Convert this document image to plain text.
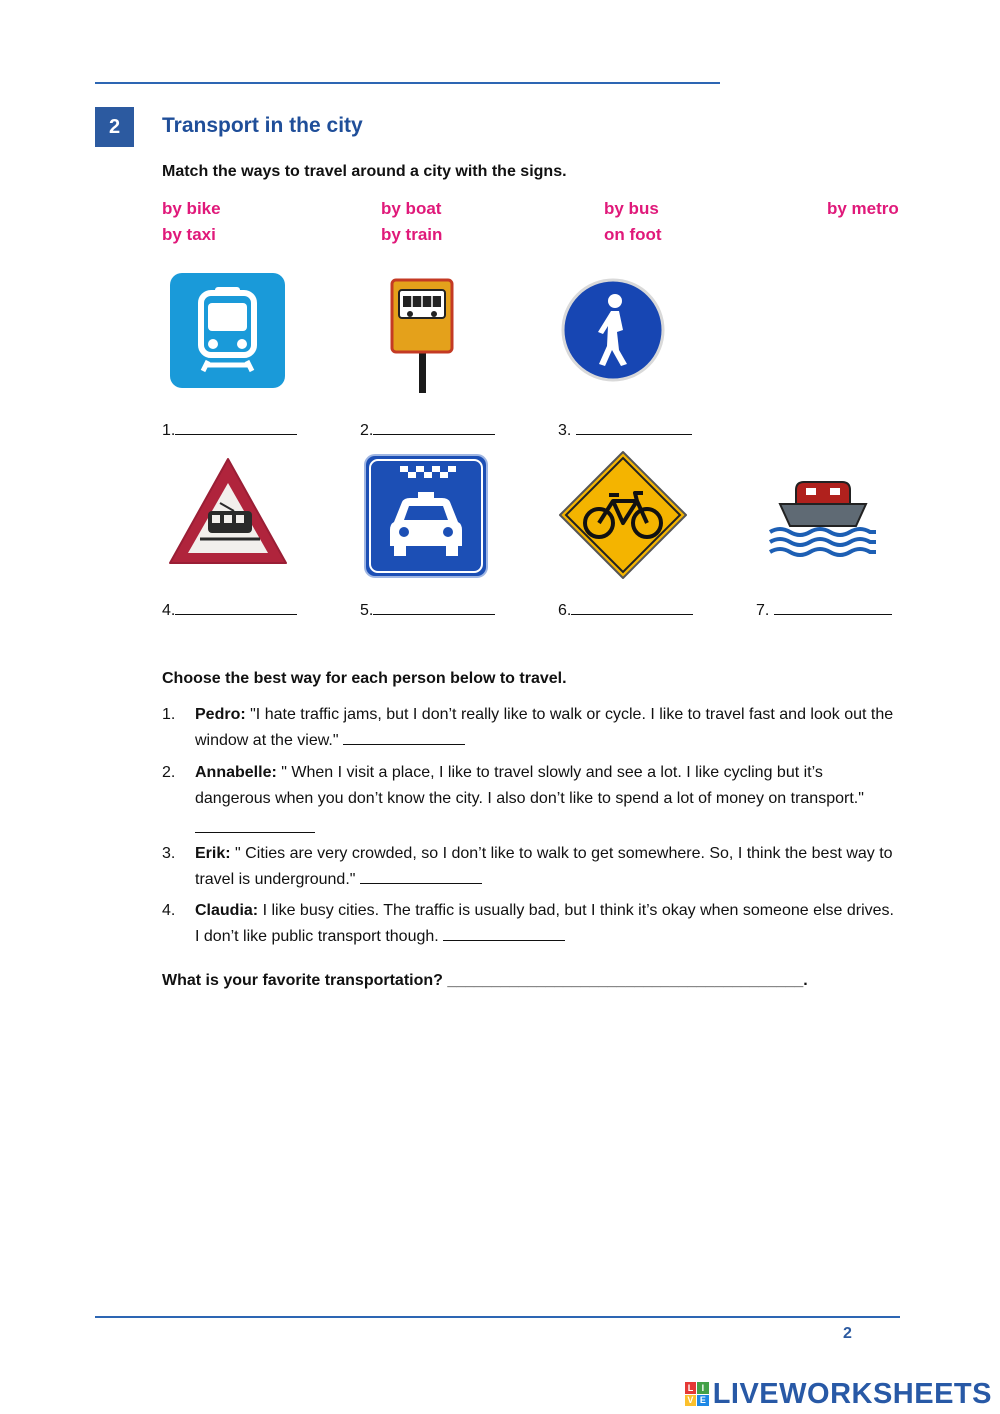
2	Transport in the city
Match the ways to travel around a city with the signs.
by bike	by boat	by bus	by metro
by taxi	by train	on foot
1.	2.	3.
4.	5.	6.	7.
Choose the best way for each person below to travel.
1. Pedro: "I hate traffic jams, but I don’t really like to walk or cycle. I like to travel fast and look out the window at the view."
2. Annabelle: " When I visit a place, I like to travel slowly and see a lot. I like cycling but it’s dangerous when you don’t know the city. I also don’t like to spend a lot of money on transport."
3. Erik: " Cities are very crowded, so I don’t like to walk to get somewhere. So, I think the best way to travel is underground."
4. Claudia: I like busy cities. The traffic is usually bad, but I think it’s okay when someone else drives. I don’t like public transport though.
What is your favorite transportation? ________________________________________.
2
L I
V E LIVEWORKSHEETS
